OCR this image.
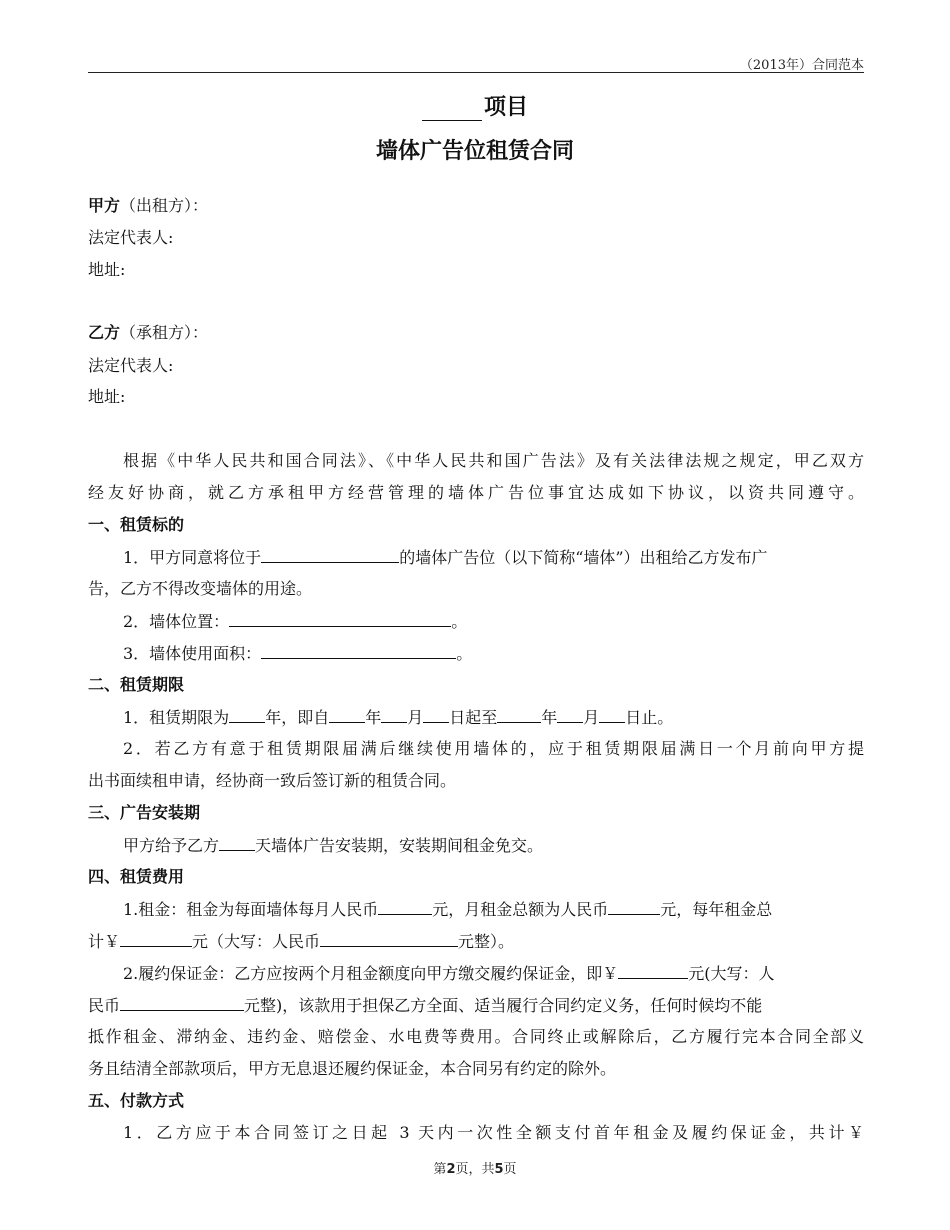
（2013年）合同范本
项目
墙体广告位租赁合同
甲方（出租方）：
法定代表人:
地址:
乙方（承租方）：
法定代表人:
地址:
根据《中华人民共和国合同法》、《中华人民共和国广告法》及有关法律法规之规定，甲乙双方
经友好协商，就乙方承租甲方经营管理的墙体广告位事宜达成如下协议，以资共同遵守。
一、租赁标的
1．甲方同意将位于	的墙体广告位（以下简称“墙体”）出租给乙方发布广
告，乙方不得改变墙体的用途。
2．墙体位置：	。
3．墙体使用面积：	。
二、租赁期限
1．租赁期限为 年，即自 年 月 日起至	年 月 日止。
2．若乙方有意于租赁期限届满后继续使用墙体的，应于租赁期限届满日一个月前向甲方提
出书面续租申请，经协商一致后签订新的租赁合同。
三、广告安装期
甲方给予乙方 天墙体广告安装期，安装期间租金免交。
四、租赁费用
1.租金：租金为每面墙体每月人民币	元，月租金总额为人民币	元，每年租金总
计￥	元（大写：人民币	元整）。
2.履约保证金：乙方应按两个月租金额度向甲方缴交履约保证金，即￥	元(大写：人
民币	元整)，该款用于担保乙方全面、适当履行合同约定义务，任何时候均不能
抵作租金、滞纳金、违约金、赔偿金、水电费等费用。合同终止或解除后，乙方履行完本合同全部义
务且结清全部款项后，甲方无息退还履约保证金，本合同另有约定的除外。
五、付款方式
1．乙方应于本合同签订之日起 3 天内一次性全额支付首年租金及履约保证金，共计￥
第2页，共5页
